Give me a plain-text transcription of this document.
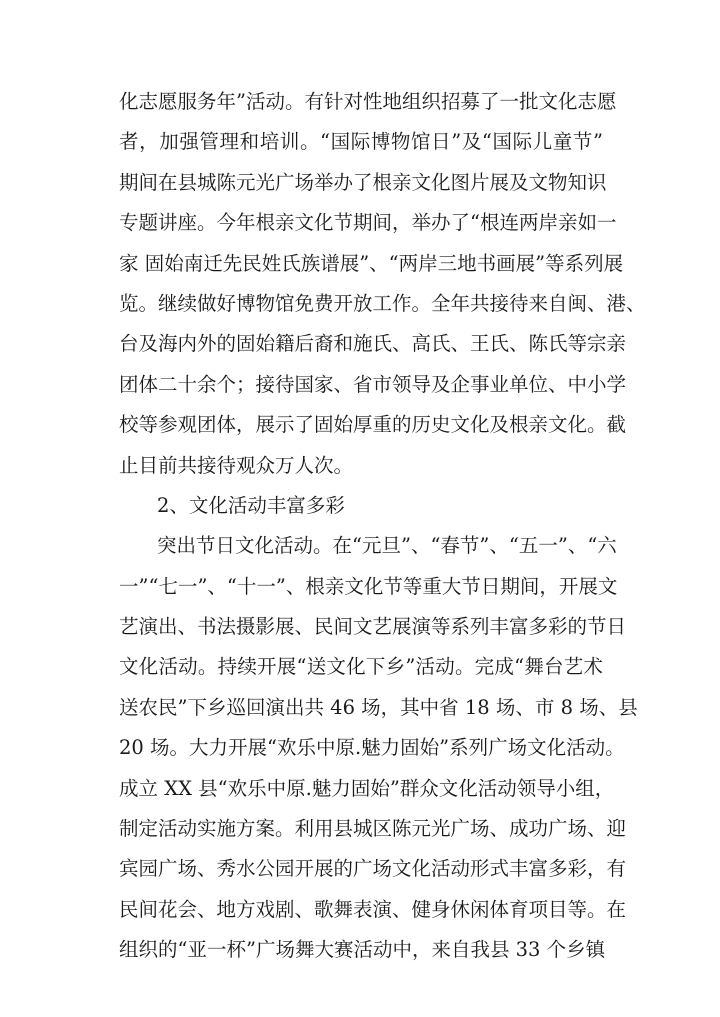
化志愿服务年”活动。有针对性地组织招募了一批文化志愿
者，加强管理和培训。“国际博物馆日”及“国际儿童节”
期间在县城陈元光广场举办了根亲文化图片展及文物知识
专题讲座。今年根亲文化节期间，举办了“根连两岸亲如一
家 固始南迁先民姓氏族谱展”、“两岸三地书画展”等系列展
览。继续做好博物馆免费开放工作。全年共接待来自闽、港、
台及海内外的固始籍后裔和施氏、高氏、王氏、陈氏等宗亲
团体二十余个；接待国家、省市领导及企事业单位、中小学
校等参观团体，展示了固始厚重的历史文化及根亲文化。截
止目前共接待观众万人次。
2、文化活动丰富多彩
突出节日文化活动。在“元旦”、“春节”、“五一”、“六
一”“七一”、“十一”、根亲文化节等重大节日期间，开展文
艺演出、书法摄影展、民间文艺展演等系列丰富多彩的节日
文化活动。持续开展“送文化下乡”活动。完成“舞台艺术
送农民”下乡巡回演出共 46 场，其中省 18 场、市 8 场、县
20 场。大力开展“欢乐中原.魅力固始”系列广场文化活动。
成立 XX 县“欢乐中原.魅力固始”群众文化活动领导小组，
制定活动实施方案。利用县城区陈元光广场、成功广场、迎
宾园广场、秀水公园开展的广场文化活动形式丰富多彩，有
民间花会、地方戏剧、歌舞表演、健身休闲体育项目等。在
组织的“亚一杯”广场舞大赛活动中，来自我县 33 个乡镇
